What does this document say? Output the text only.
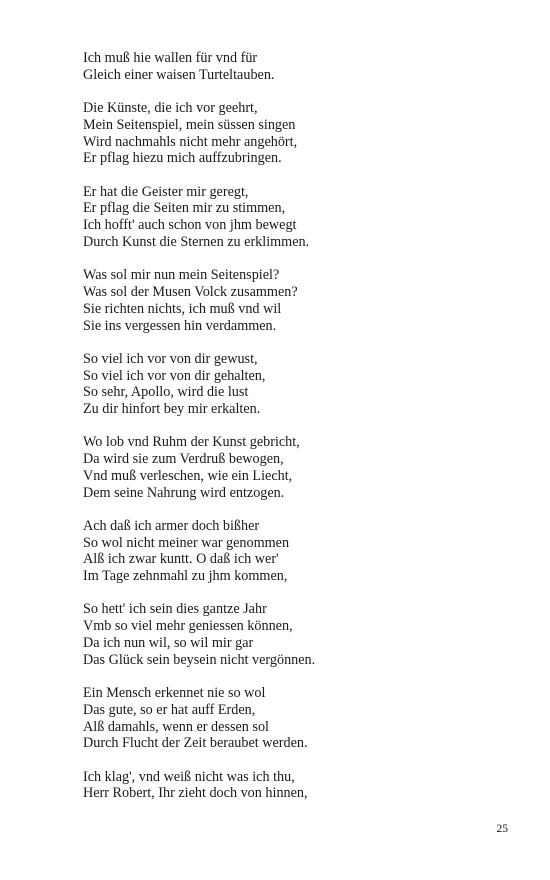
Ich muß hie wallen für vnd für
Gleich einer waisen Turteltauben.
Die Künste, die ich vor geehrt,
Mein Seitenspiel, mein süssen singen
Wird nachmahls nicht mehr angehört,
Er pflag hiezu mich auffzubringen.
Er hat die Geister mir geregt,
Er pflag die Seiten mir zu stimmen,
Ich hofft' auch schon von jhm bewegt
Durch Kunst die Sternen zu erklimmen.
Was sol mir nun mein Seitenspiel?
Was sol der Musen Volck zusammen?
Sie richten nichts, ich muß vnd wil
Sie ins vergessen hin verdammen.
So viel ich vor von dir gewust,
So viel ich vor von dir gehalten,
So sehr, Apollo, wird die lust
Zu dir hinfort bey mir erkalten.
Wo lob vnd Ruhm der Kunst gebricht,
Da wird sie zum Verdruß bewogen,
Vnd muß verleschen, wie ein Liecht,
Dem seine Nahrung wird entzogen.
Ach daß ich armer doch bißher
So wol nicht meiner war genommen
Alß ich zwar kuntt. O daß ich wer'
Im Tage zehnmahl zu jhm kommen,
So hett' ich sein dies gantze Jahr
Vmb so viel mehr geniessen können,
Da ich nun wil, so wil mir gar
Das Glück sein beysein nicht vergönnen.
Ein Mensch erkennet nie so wol
Das gute, so er hat auff Erden,
Alß damahls, wenn er dessen sol
Durch Flucht der Zeit beraubet werden.
Ich klag', vnd weiß nicht was ich thu,
Herr Robert, Ihr zieht doch von hinnen,
25
